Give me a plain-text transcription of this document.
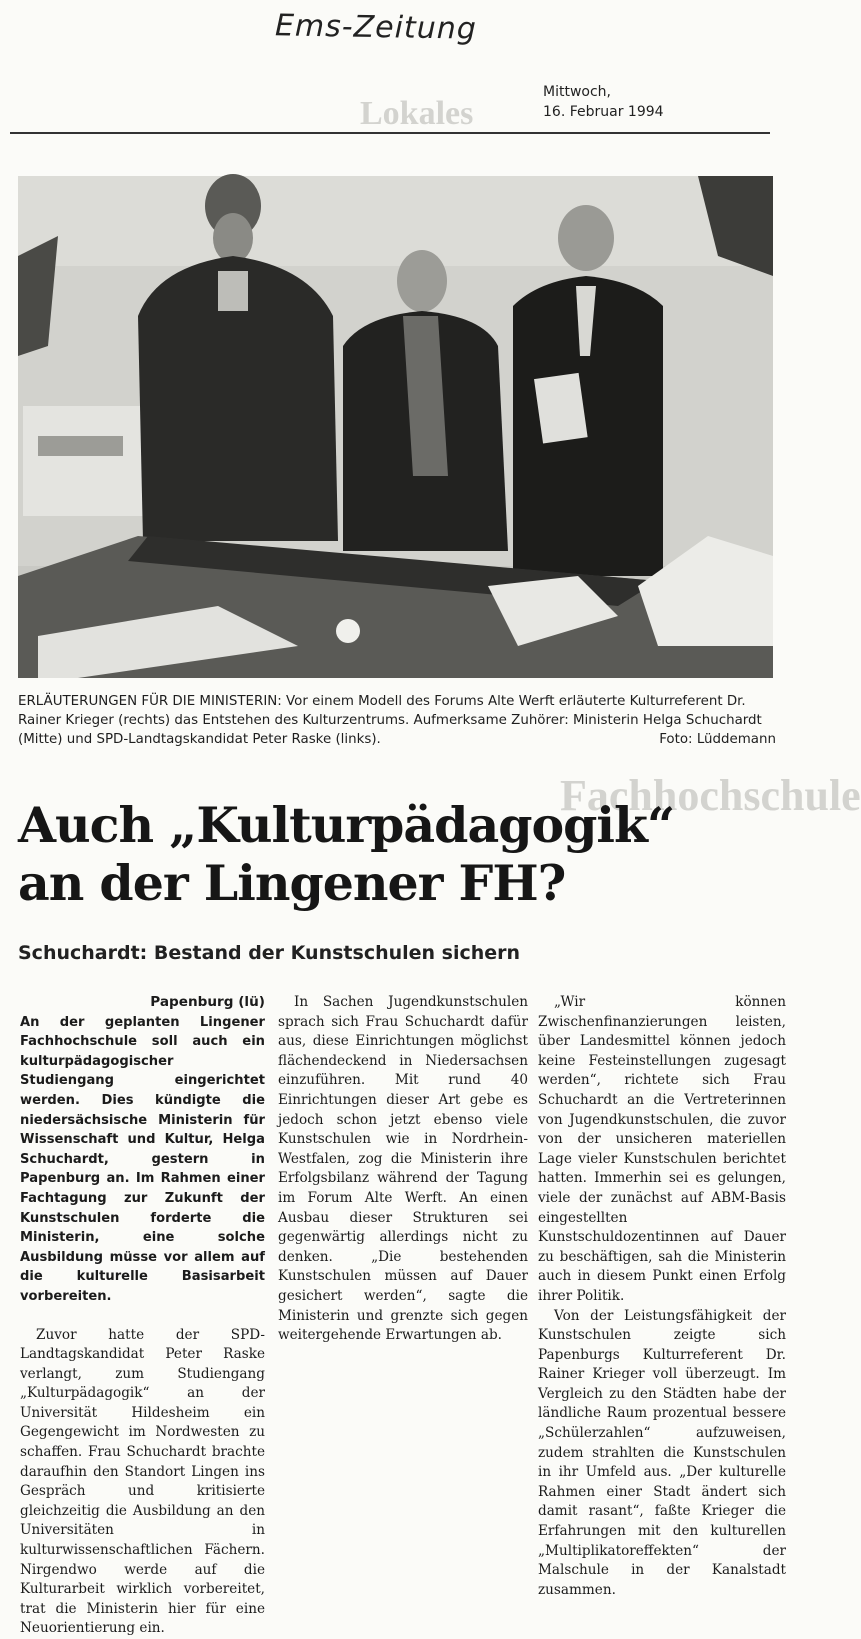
Lokales
Fachhochschule
Ems-Zeitung
Mittwoch,
16. Februar 1994
ERLÄUTERUNGEN FÜR DIE MINISTERIN: Vor einem Modell des Forums Alte Werft erläuterte Kulturreferent Dr. Rainer Krieger (rechts) das Entstehen des Kulturzentrums. Aufmerksame Zuhörer: Ministerin Helga Schuchardt (Mitte) und SPD-Landtagskandidat Peter Raske (links).	Foto: Lüddemann
Auch „Kulturpädagogik“
an der Lingener FH?
Schuchardt: Bestand der Kunstschulen sichern

Papenburg (lü)

An der geplanten Lingener Fachhochschule soll auch ein kulturpädagogischer Studiengang eingerichtet werden. Dies kündigte die niedersächsische Ministerin für Wissenschaft und Kultur, Helga Schuchardt, gestern in Papenburg an. Im Rahmen einer Fachtagung zur Zukunft der Kunstschulen forderte die Ministerin, eine solche Ausbildung müsse vor allem auf die kulturelle Basisarbeit vorbereiten.

Zuvor hatte der SPD-Landtagskandidat Peter Raske verlangt, zum Studiengang „Kulturpädagogik“ an der Universität Hildesheim ein Gegengewicht im Nordwesten zu schaffen. Frau Schuchardt brachte daraufhin den Standort Lingen ins Gespräch und kritisierte gleichzeitig die Ausbildung an den Universitäten in kulturwissenschaftlichen Fächern. Nirgendwo werde auf die Kulturarbeit wirklich vorbereitet, trat die Ministerin hier für eine Neuorientierung ein.

In Sachen Jugendkunstschulen sprach sich Frau Schuchardt dafür aus, diese Einrichtungen möglichst flächendeckend in Niedersachsen einzuführen. Mit rund 40 Einrichtungen dieser Art gebe es jedoch schon jetzt ebenso viele Kunstschulen wie in Nordrhein-Westfalen, zog die Ministerin ihre Erfolgsbilanz während der Tagung im Forum Alte Werft. An einen Ausbau dieser Strukturen sei gegenwärtig allerdings nicht zu denken. „Die bestehenden Kunstschulen müssen auf Dauer gesichert werden“, sagte die Ministerin und grenzte sich gegen weitergehende Erwartungen ab.

„Wir können Zwischenfinanzierungen leisten, über Landesmittel können jedoch keine Festeinstellungen zugesagt werden“, richtete sich Frau Schuchardt an die Vertreterinnen von Jugendkunstschulen, die zuvor von der unsicheren materiellen Lage vieler Kunstschulen berichtet hatten. Immerhin sei es gelungen, viele der zunächst auf ABM-Basis eingestellten Kunstschuldozentinnen auf Dauer zu beschäftigen, sah die Ministerin auch in diesem Punkt einen Erfolg ihrer Politik.

Von der Leistungsfähigkeit der Kunstschulen zeigte sich Papenburgs Kulturreferent Dr. Rainer Krieger voll überzeugt. Im Vergleich zu den Städten habe der ländliche Raum prozentual bessere „Schülerzahlen“ aufzuweisen, zudem strahlten die Kunstschulen in ihr Umfeld aus. „Der kulturelle Rahmen einer Stadt ändert sich damit rasant“, faßte Krieger die Erfahrungen mit den kulturellen „Multiplikatoreffekten“ der Malschule in der Kanalstadt zusammen.
